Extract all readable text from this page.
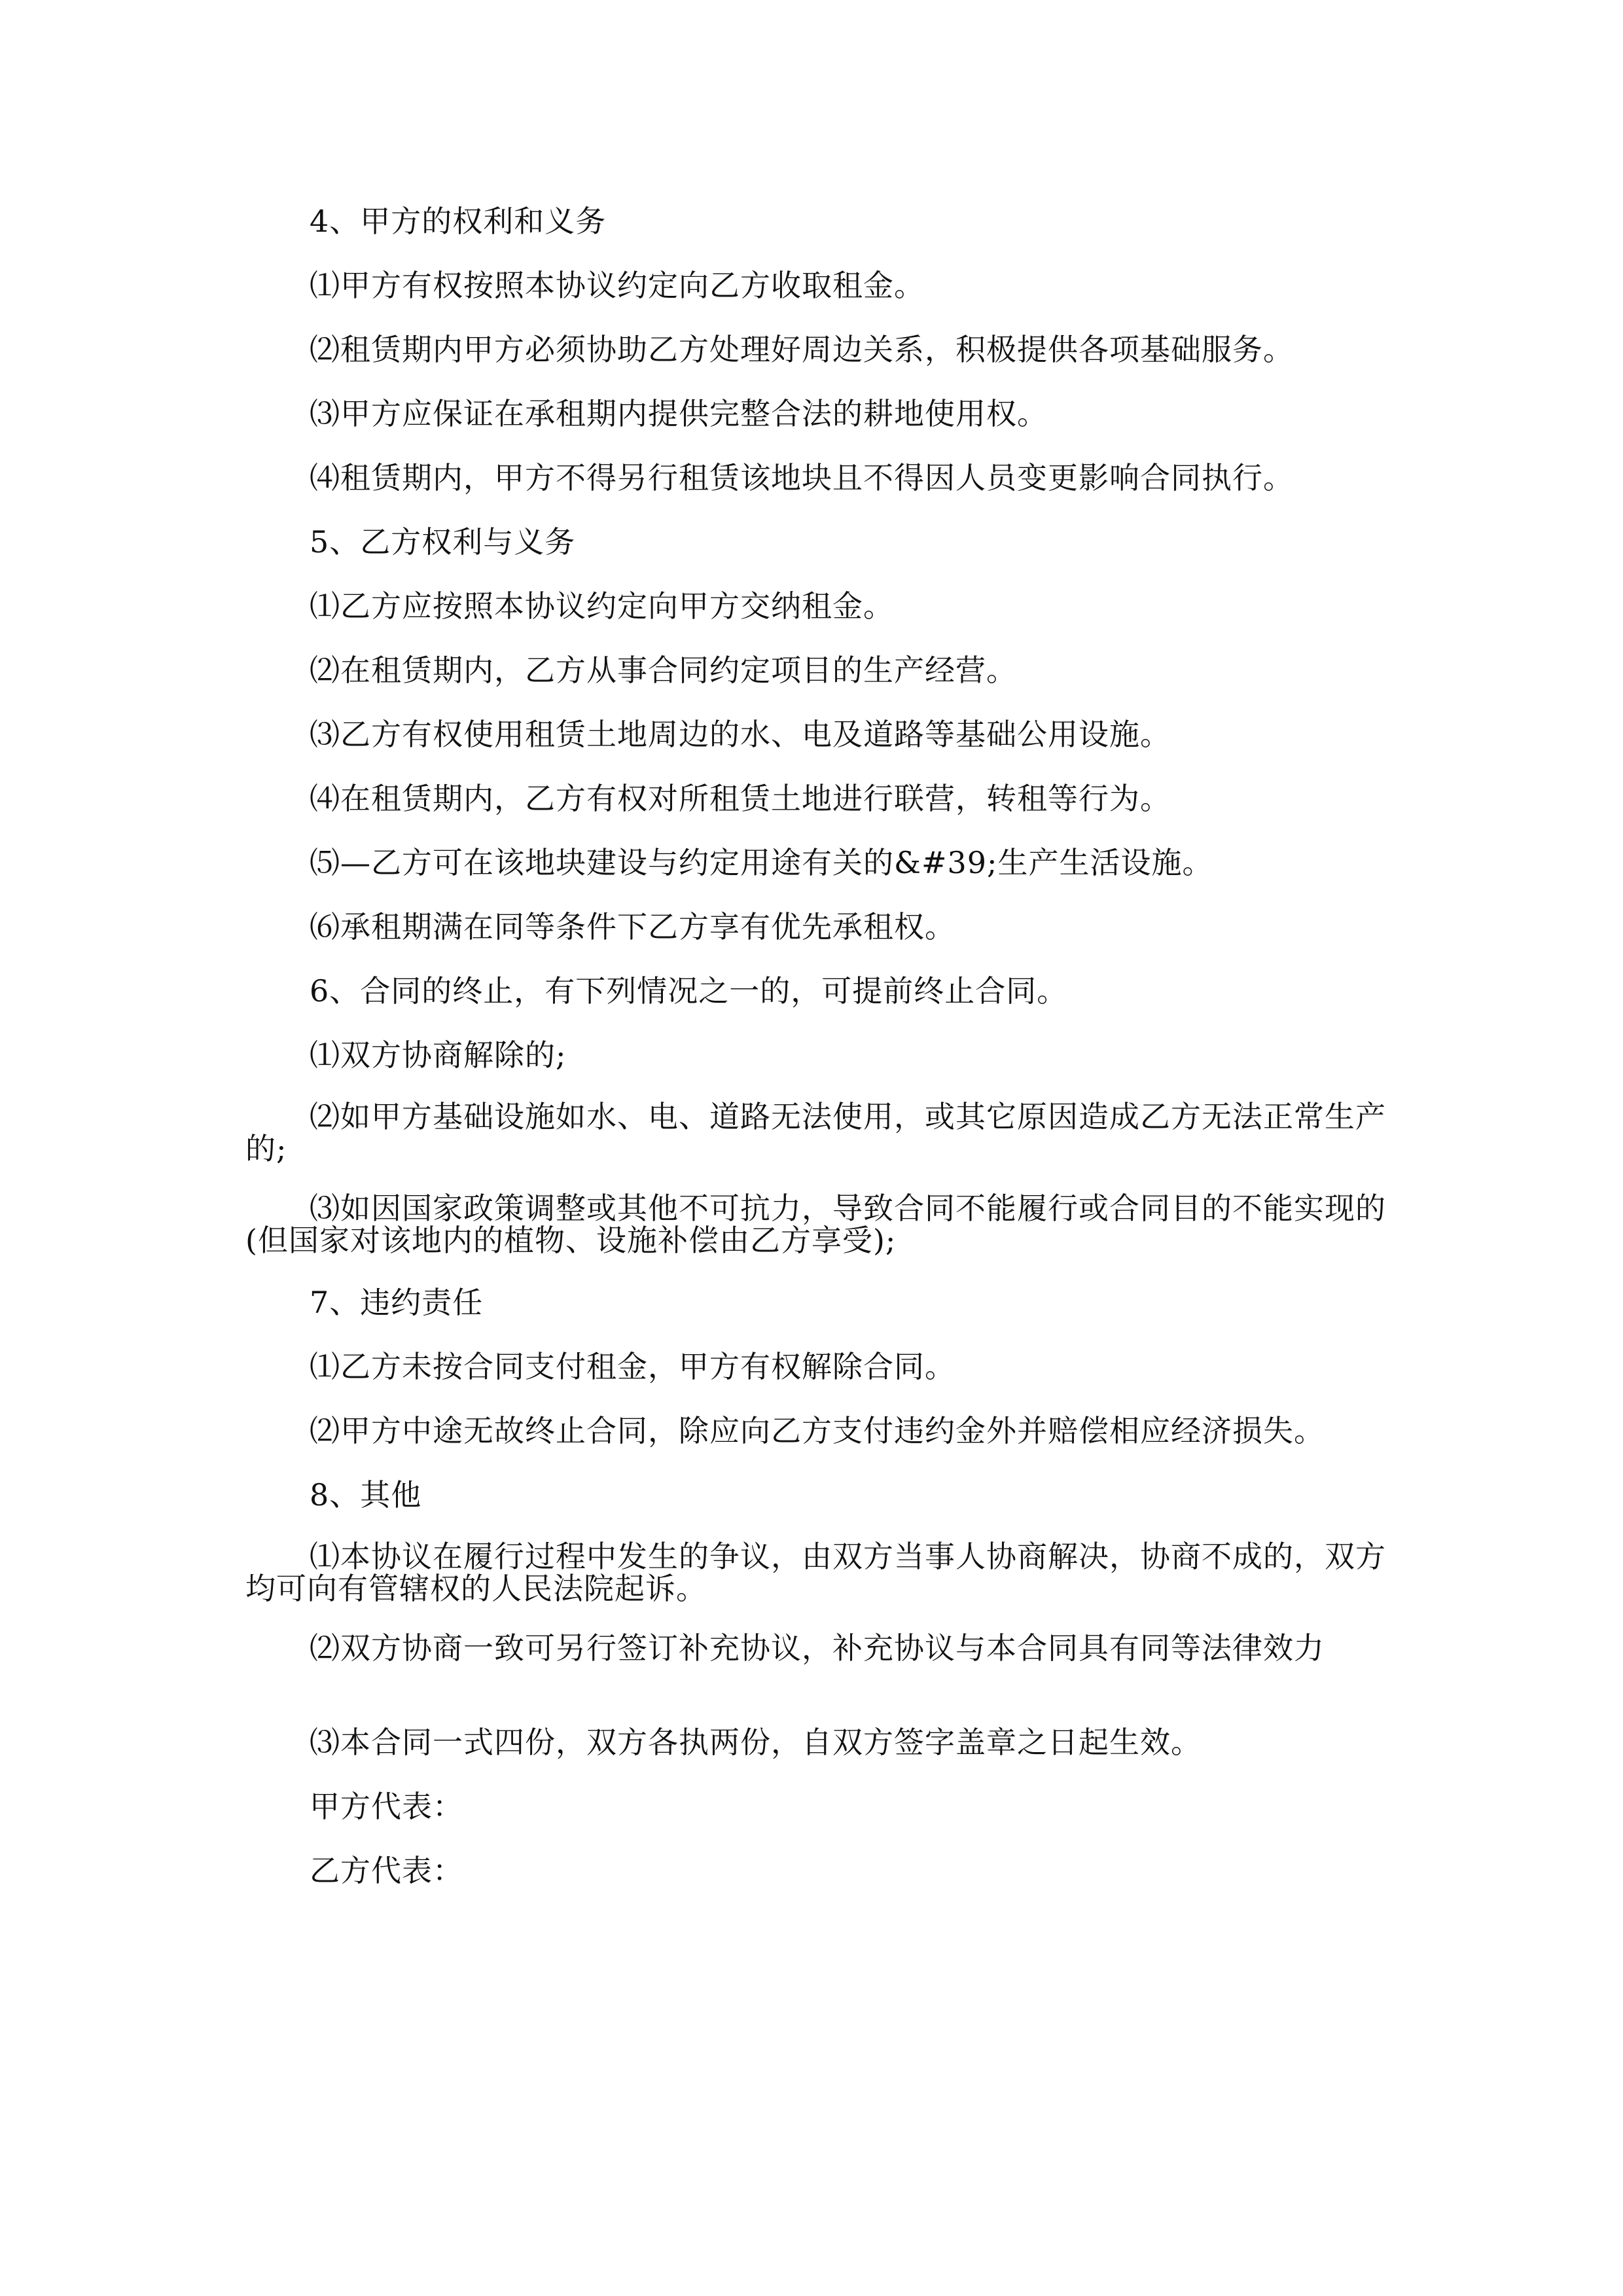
4、甲方的权利和义务

⑴甲方有权按照本协议约定向乙方收取租金。

⑵租赁期内甲方必须协助乙方处理好周边关系，积极提供各项基础服务。

⑶甲方应保证在承租期内提供完整合法的耕地使用权。

⑷租赁期内，甲方不得另行租赁该地块且不得因人员变更影响合同执行。

5、乙方权利与义务

⑴乙方应按照本协议约定向甲方交纳租金。

⑵在租赁期内，乙方从事合同约定项目的生产经营。

⑶乙方有权使用租赁土地周边的水、电及道路等基础公用设施。

⑷在租赁期内，乙方有权对所租赁土地进行联营，转租等行为。

⑸—乙方可在该地块建设与约定用途有关的&#39;生产生活设施。

⑹承租期满在同等条件下乙方享有优先承租权。

6、合同的终止，有下列情况之一的，可提前终止合同。

⑴双方协商解除的;

⑵如甲方基础设施如水、电、道路无法使用，或其它原因造成乙方无法正常生产的;

⑶如因国家政策调整或其他不可抗力，导致合同不能履行或合同目的不能实现的(但国家对该地内的植物、设施补偿由乙方享受);

7、违约责任

⑴乙方未按合同支付租金，甲方有权解除合同。

⑵甲方中途无故终止合同，除应向乙方支付违约金外并赔偿相应经济损失。

8、其他

⑴本协议在履行过程中发生的争议，由双方当事人协商解决，协商不成的，双方均可向有管辖权的人民法院起诉。

⑵双方协商一致可另行签订补充协议，补充协议与本合同具有同等法律效力

⑶本合同一式四份，双方各执两份，自双方签字盖章之日起生效。

甲方代表：

乙方代表：
